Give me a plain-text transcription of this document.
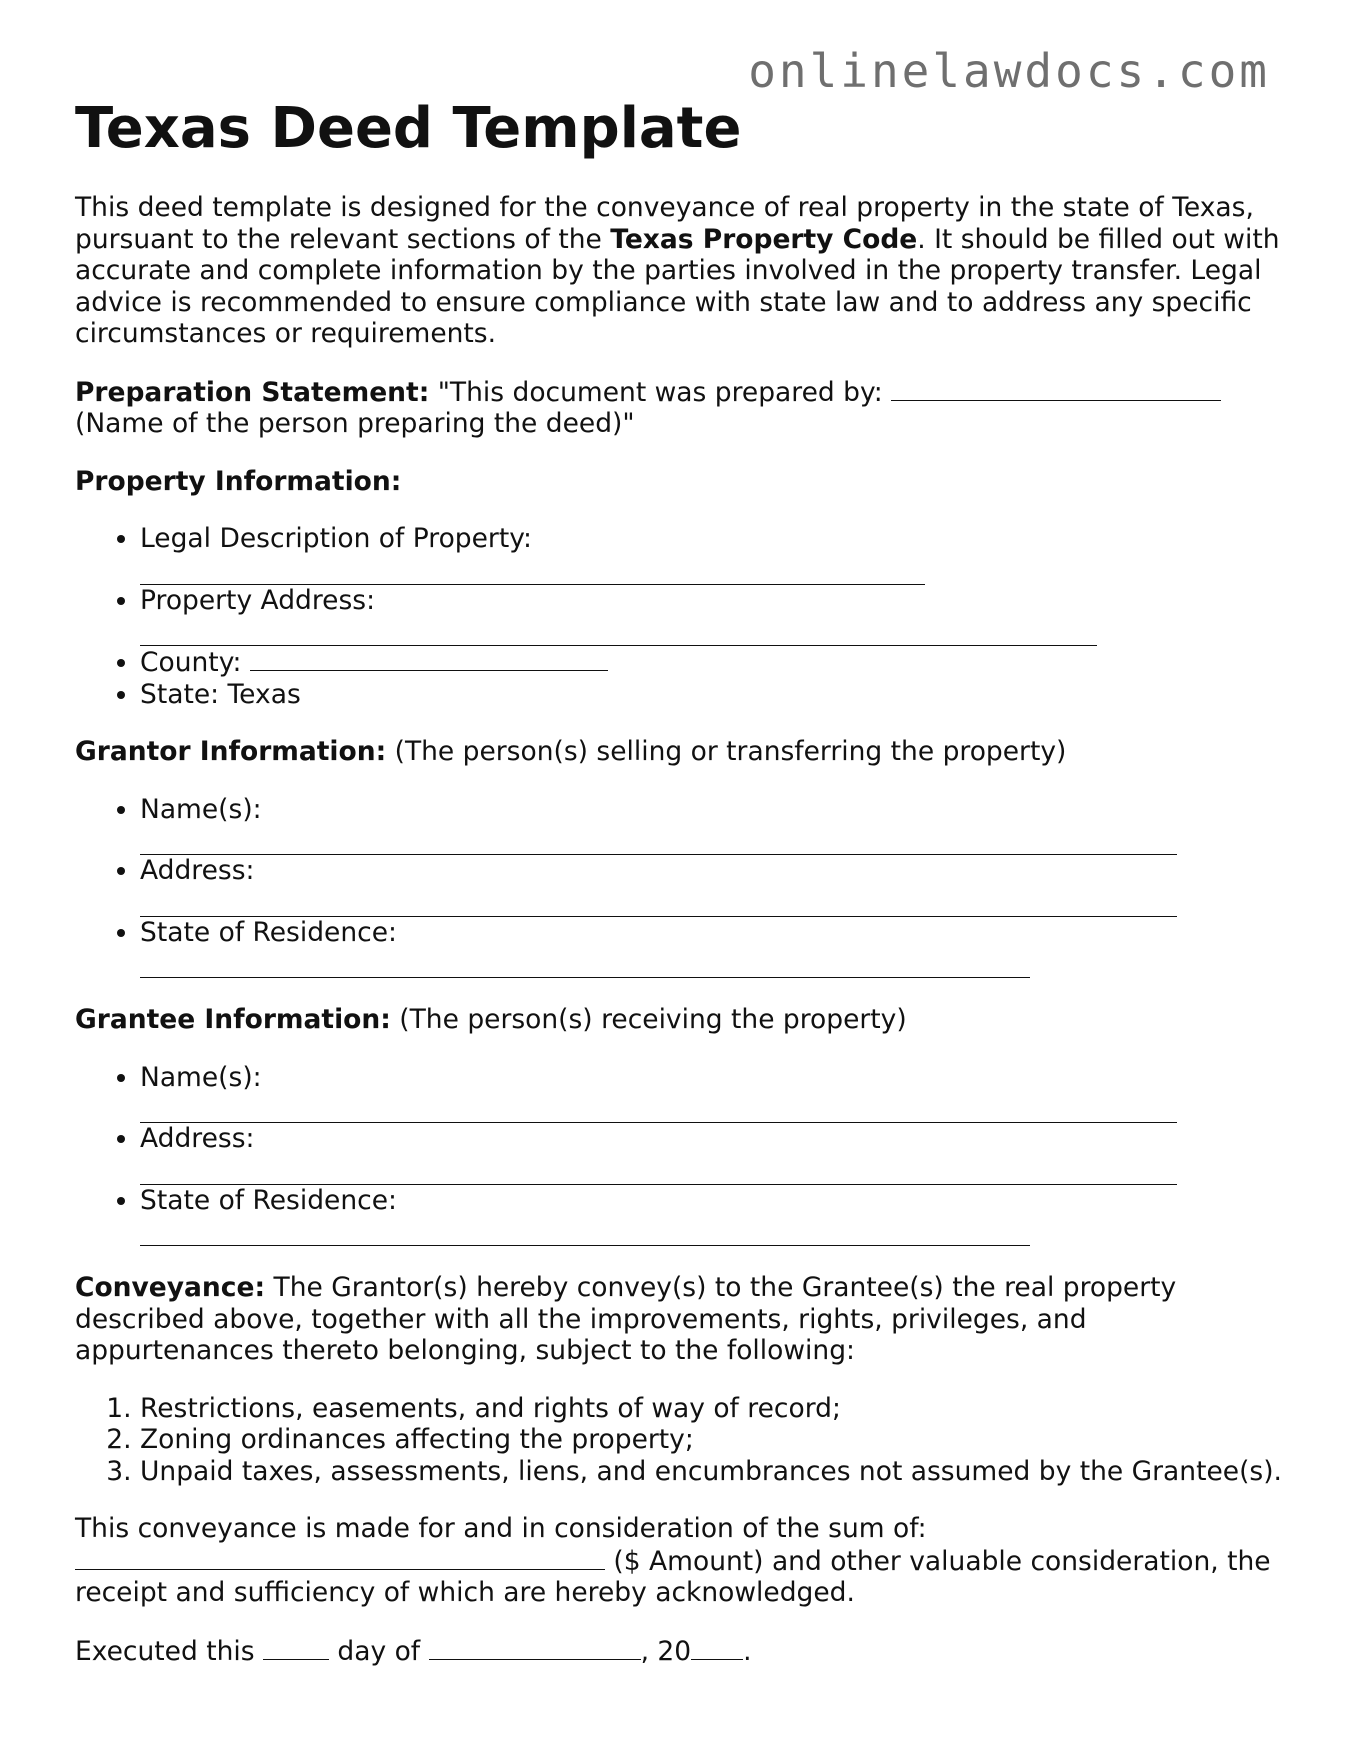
onlinelawdocs.com
Texas Deed Template

This deed template is designed for the conveyance of real property in the state of Texas, pursuant to the relevant sections of the Texas Property Code. It should be filled out with accurate and complete information by the parties involved in the property transfer. Legal advice is recommended to ensure compliance with state law and to address any specific circumstances or requirements.

Preparation Statement: "This document was prepared by:
(Name of the person preparing the deed)"

Property Information:

• Legal Description of Property:
• Property Address:
• County:
• State: Texas

Grantor Information: (The person(s) selling or transferring the property)

• Name(s):
• Address:
• State of Residence:

Grantee Information: (The person(s) receiving the property)

• Name(s):
• Address:
• State of Residence:

Conveyance: The Grantor(s) hereby convey(s) to the Grantee(s) the real property described above, together with all the improvements, rights, privileges, and appurtenances thereto belonging, subject to the following:

1. Restrictions, easements, and rights of way of record;
2. Zoning ordinances affecting the property;
3. Unpaid taxes, assessments, liens, and encumbrances not assumed by the Grantee(s).

This conveyance is made for and in consideration of the sum of:
($ Amount) and other valuable consideration, the receipt and sufficiency of which are hereby acknowledged.

Executed this  day of	, 20 .
